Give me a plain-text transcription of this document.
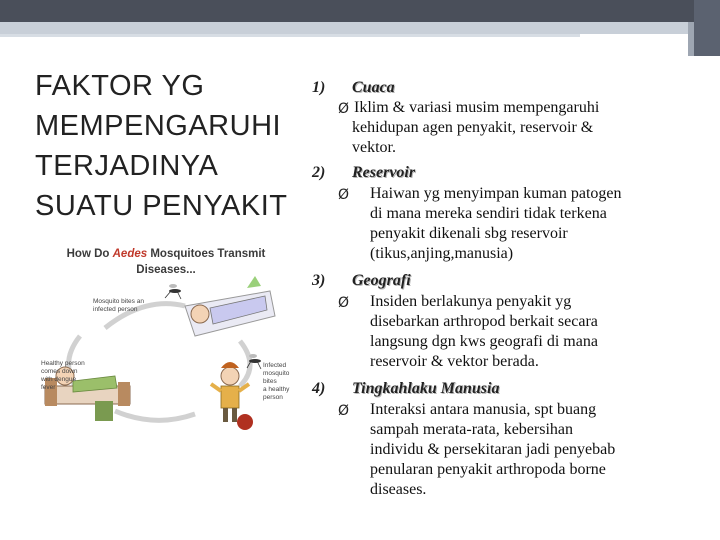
FAKTOR YG
MEMPENGARUHI
TERJADINYA
SUATU PENYAKIT
How Do Aedes Mosquitoes Transmit
Diseases...
Mosquito bites an
infected person
Healthy person
comes down
with dengue
fever
Infected
mosquito bites
a healthy
person
1) Cuaca
Ø Iklim & variasi musim mempengaruhi
kehidupan agen penyakit, reservoir &
vektor.
2) Reservoir
Ø Haiwan yg menyimpan kuman patogen
di mana mereka sendiri tidak terkena
penyakit dikenali sbg reservoir
(tikus,anjing,manusia)
3) Geografi
Ø Insiden berlakunya penyakit yg
disebarkan arthropod berkait secara
langsung dgn kws geografi di mana
reservoir & vektor berada.
4) Tingkahlaku Manusia
Ø Interaksi antara manusia, spt buang
sampah merata-rata, kebersihan
individu & persekitaran jadi penyebab
penularan penyakit arthropoda borne
diseases.
